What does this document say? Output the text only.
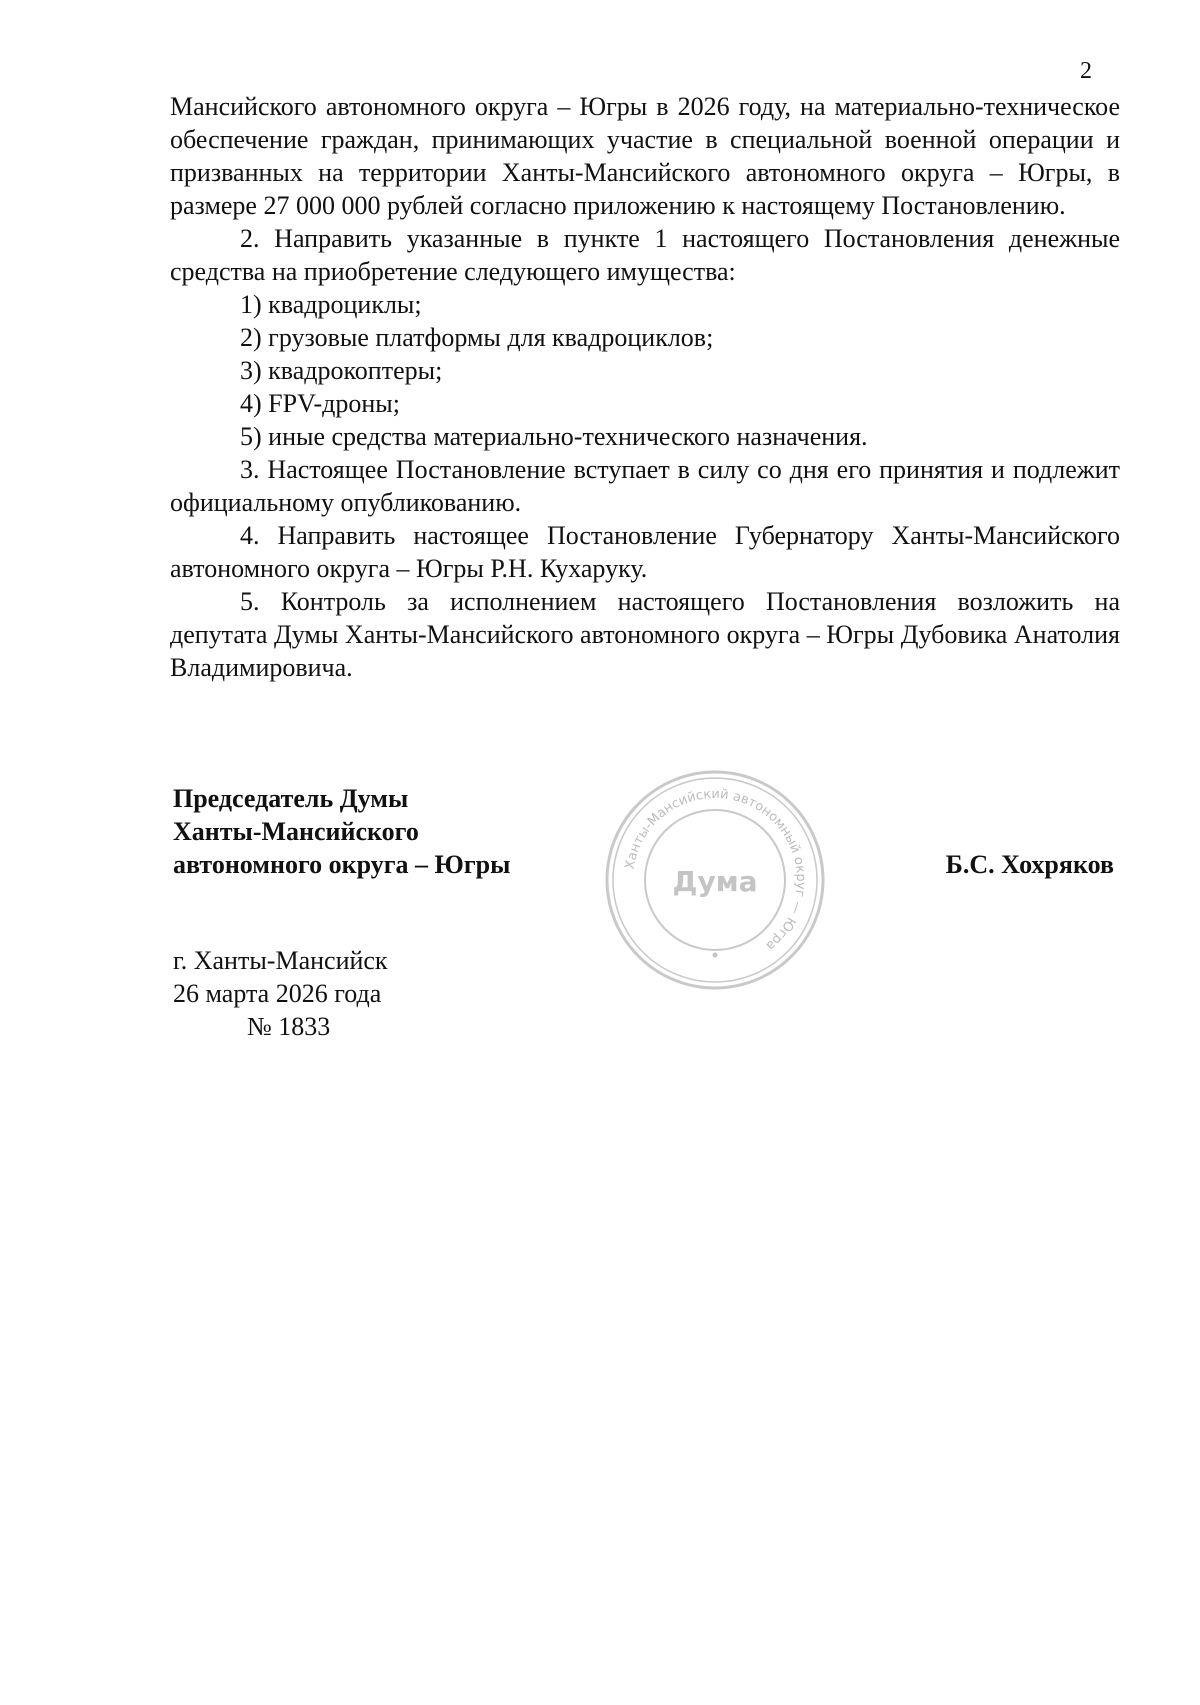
2

Мансийского автономного округа – Югры в 2026 году, на материально-техническое обеспечение граждан, принимающих участие в специальной военной операции и призванных на территории Ханты-Мансийского автономного округа – Югры, в размере 27 000 000 рублей согласно приложению к настоящему Постановлению.

2. Направить указанные в пункте 1 настоящего Постановления денежные средства на приобретение следующего имущества:

1) квадроциклы;

2) грузовые платформы для квадроциклов;

3) квадрокоптеры;

4) FPV-дроны;

5) иные средства материально-технического назначения.

3. Настоящее Постановление вступает в силу со дня его принятия и подлежит официальному опубликованию.

4. Направить настоящее Постановление Губернатору Ханты-Мансийского автономного округа – Югры Р.Н. Кухаруку.

5. Контроль за исполнением настоящего Постановления возложить на депутата Думы Ханты-Мансийского автономного округа – Югры Дубовика Анатолия Владимировича.

Председатель Думы
Ханты-Мансийского
автономного округа – Югры	Б.С. Хохряков
Ханты-Мансийский автономный округ — Югра
Дума
г. Ханты-Мансийск
26 марта 2026 года
№ 1833
